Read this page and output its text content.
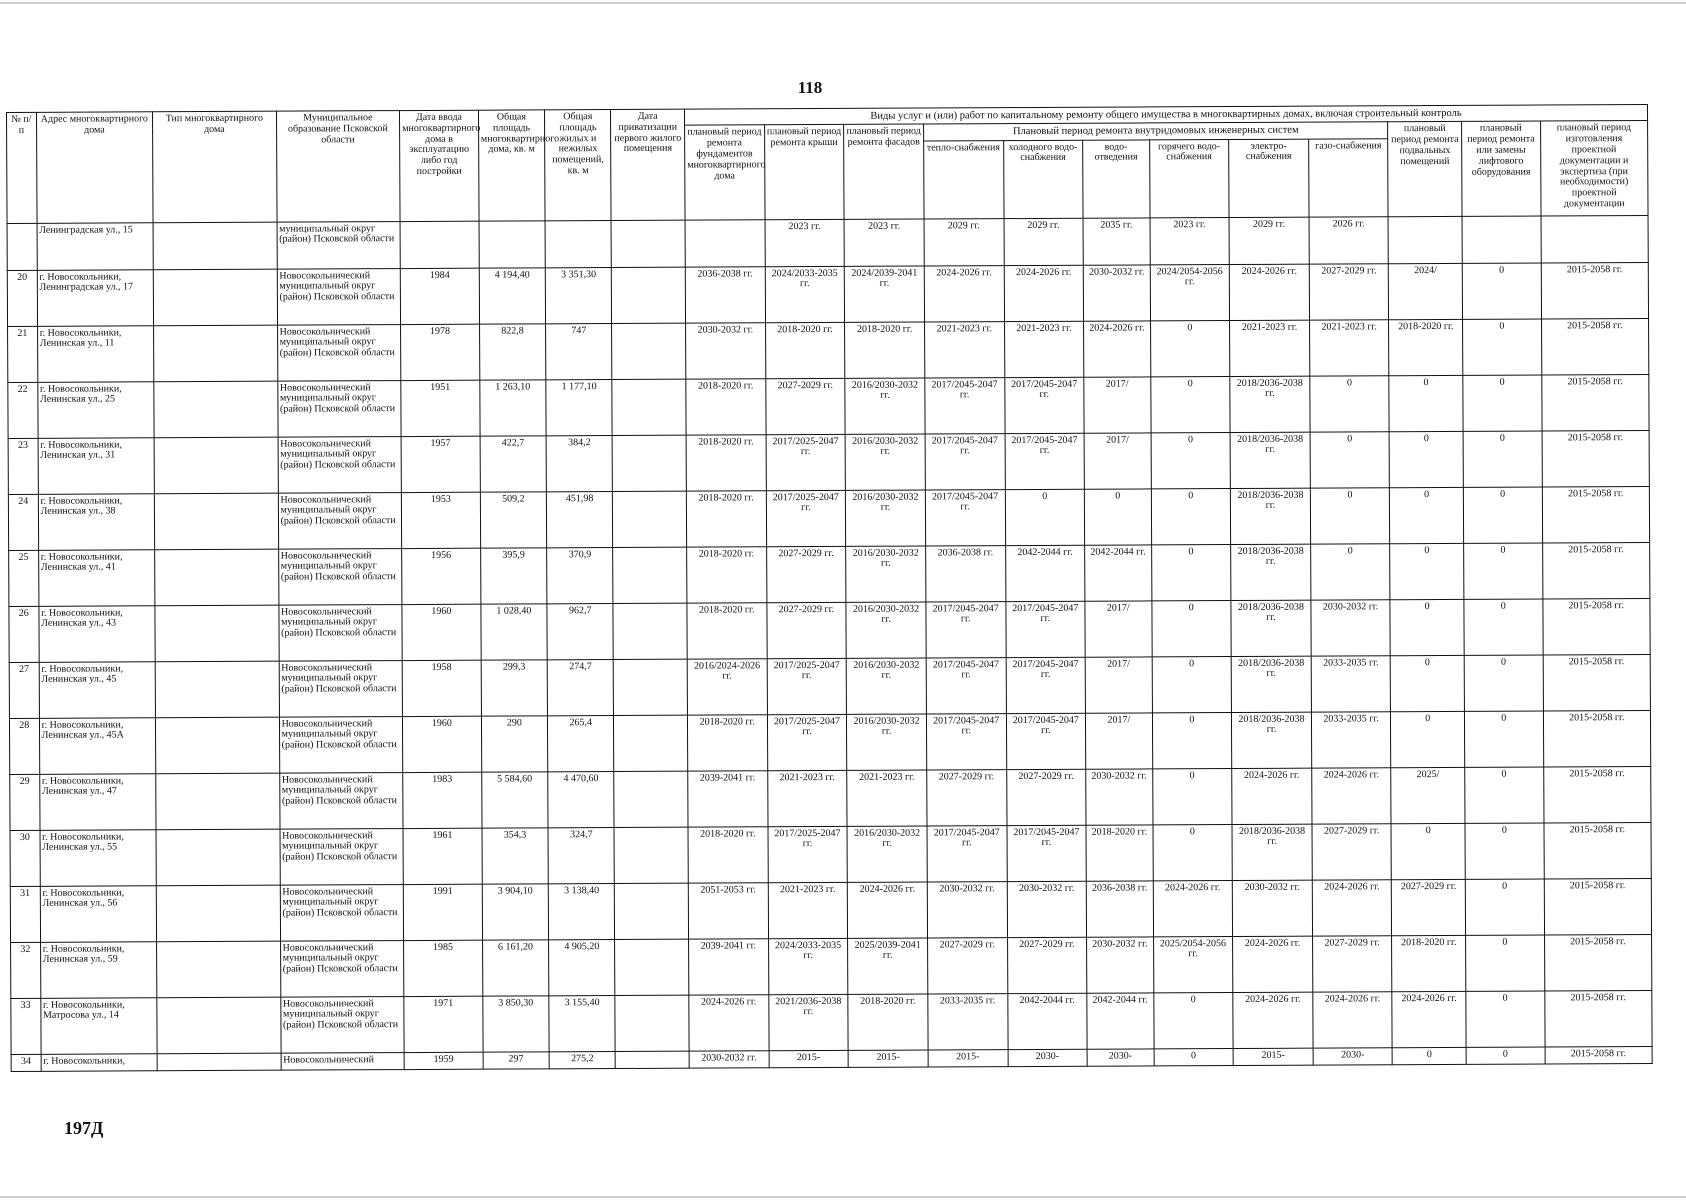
118
№ п/п	Адрес многоквартирного дома	Тип многоквартирного дома	Муниципальное образование Псковской области	Дата ввода многоквартирного дома в эксплуатацию либо год постройки	Общая площадь многоквартирного дома, кв. м	Общая площадь жилых и нежилых помещений, кв. м	Дата приватизации первого жилого помещения	Виды услуг и (или) работ по капитальному ремонту общего имущества в многоквартирных домах, включая строительный контроль											
								плановый период ремонта фундаментов многоквартирного дома	плановый период ремонта крыши	плановый период ремонта фасадов	Плановый период ремонта внутридомовых инженерных систем						плановый период ремонта подвальных помещений	плановый период ремонта или замены лифтового оборудования	плановый период изготовления проектной документации и экспертиза (при необходимости) проектной документации
											тепло-снабжения	холодного водо-снабжения	водо-отведения	горячего водо-снабжения	электро-снабжения	газо-снабжения			
	Ленинградская ул., 15		муниципальный округ (район) Псковской области						2023 гг.	2023 гг.	2029 гг.	2029 гг.	2035 гг.	2023 гг.	2029 гг.	2026 гг.			
20	г. Новосокольники, Ленинградская ул., 17		Новосокольнический муниципальный округ (район) Псковской области	1984	4 194,40	3 351,30		2036-2038 гг.	2024/2033-2035 гг.	2024/2039-2041 гг.	2024-2026 гг.	2024-2026 гг.	2030-2032 гг.	2024/2054-2056 гг.	2024-2026 гг.	2027-2029 гг.	2024/	0	2015-2058 гг.
21	г. Новосокольники, Ленинская ул., 11		Новосокольнический муниципальный округ (район) Псковской области	1978	822,8	747		2030-2032 гг.	2018-2020 гг.	2018-2020 гг.	2021-2023 гг.	2021-2023 гг.	2024-2026 гг.	0	2021-2023 гг.	2021-2023 гг.	2018-2020 гг.	0	2015-2058 гг.
22	г. Новосокольники, Ленинская ул., 25		Новосокольнический муниципальный округ (район) Псковской области	1951	1 263,10	1 177,10		2018-2020 гг.	2027-2029 гг.	2016/2030-2032 гг.	2017/2045-2047 гг.	2017/2045-2047 гг.	2017/	0	2018/2036-2038 гг.	0	0	0	2015-2058 гг.
23	г. Новосокольники, Ленинская ул., 31		Новосокольнический муниципальный округ (район) Псковской области	1957	422,7	384,2		2018-2020 гг.	2017/2025-2047 гг.	2016/2030-2032 гг.	2017/2045-2047 гг.	2017/2045-2047 гг.	2017/	0	2018/2036-2038 гг.	0	0	0	2015-2058 гг.
24	г. Новосокольники, Ленинская ул., 38		Новосокольнический муниципальный округ (район) Псковской области	1953	509,2	451,98		2018-2020 гг.	2017/2025-2047 гг.	2016/2030-2032 гг.	2017/2045-2047 гг.	0	0	0	2018/2036-2038 гг.	0	0	0	2015-2058 гг.
25	г. Новосокольники, Ленинская ул., 41		Новосокольнический муниципальный округ (район) Псковской области	1956	395,9	370,9		2018-2020 гг.	2027-2029 гг.	2016/2030-2032 гг.	2036-2038 гг.	2042-2044 гг.	2042-2044 гг.	0	2018/2036-2038 гг.	0	0	0	2015-2058 гг.
26	г. Новосокольники, Ленинская ул., 43		Новосокольнический муниципальный округ (район) Псковской области	1960	1 028,40	962,7		2018-2020 гг.	2027-2029 гг.	2016/2030-2032 гг.	2017/2045-2047 гг.	2017/2045-2047 гг.	2017/	0	2018/2036-2038 гг.	2030-2032 гг.	0	0	2015-2058 гг.
27	г. Новосокольники, Ленинская ул., 45		Новосокольнический муниципальный округ (район) Псковской области	1958	299,3	274,7		2016/2024-2026 гг.	2017/2025-2047 гг.	2016/2030-2032 гг.	2017/2045-2047 гг.	2017/2045-2047 гг.	2017/	0	2018/2036-2038 гг.	2033-2035 гг.	0	0	2015-2058 гг.
28	г. Новосокольники, Ленинская ул., 45А		Новосокольнический муниципальный округ (район) Псковской области	1960	290	265,4		2018-2020 гг.	2017/2025-2047 гг.	2016/2030-2032 гг.	2017/2045-2047 гг.	2017/2045-2047 гг.	2017/	0	2018/2036-2038 гг.	2033-2035 гг.	0	0	2015-2058 гг.
29	г. Новосокольники, Ленинская ул., 47		Новосокольнический муниципальный округ (район) Псковской области	1983	5 584,60	4 470,60		2039-2041 гг.	2021-2023 гг.	2021-2023 гг.	2027-2029 гг.	2027-2029 гг.	2030-2032 гг.	0	2024-2026 гг.	2024-2026 гг.	2025/	0	2015-2058 гг.
30	г. Новосокольники, Ленинская ул., 55		Новосокольнический муниципальный округ (район) Псковской области	1961	354,3	324,7		2018-2020 гг.	2017/2025-2047 гг.	2016/2030-2032 гг.	2017/2045-2047 гг.	2017/2045-2047 гг.	2018-2020 гг.	0	2018/2036-2038 гг.	2027-2029 гг.	0	0	2015-2058 гг.
31	г. Новосокольники, Ленинская ул., 56		Новосокольнический муниципальный округ (район) Псковской области	1991	3 904,10	3 138,40		2051-2053 гг.	2021-2023 гг.	2024-2026 гг.	2030-2032 гг.	2030-2032 гг.	2036-2038 гг.	2024-2026 гг.	2030-2032 гг.	2024-2026 гг.	2027-2029 гг.	0	2015-2058 гг.
32	г. Новосокольники, Ленинская ул., 59		Новосокольнический муниципальный округ (район) Псковской области	1985	6 161,20	4 905,20		2039-2041 гг.	2024/2033-2035 гг.	2025/2039-2041 гг.	2027-2029 гг.	2027-2029 гг.	2030-2032 гг.	2025/2054-2056 гг.	2024-2026 гг.	2027-2029 гг.	2018-2020 гг.	0	2015-2058 гг.
33	г. Новосокольники, Матросова ул., 14		Новосокольнический муниципальный округ (район) Псковской области	1971	3 850,30	3 155,40		2024-2026 гг.	2021/2036-2038 гг.	2018-2020 гг.	2033-2035 гг.	2042-2044 гг.	2042-2044 гг.	0	2024-2026 гг.	2024-2026 гг.	2024-2026 гг.	0	2015-2058 гг.
34	г. Новосокольники,		Новосокольнический	1959	297	275,2		2030-2032 гг.	2015-	2015-	2015-	2030-	2030-	0	2015-	2030-	0	0	2015-2058 гг.
197Д
